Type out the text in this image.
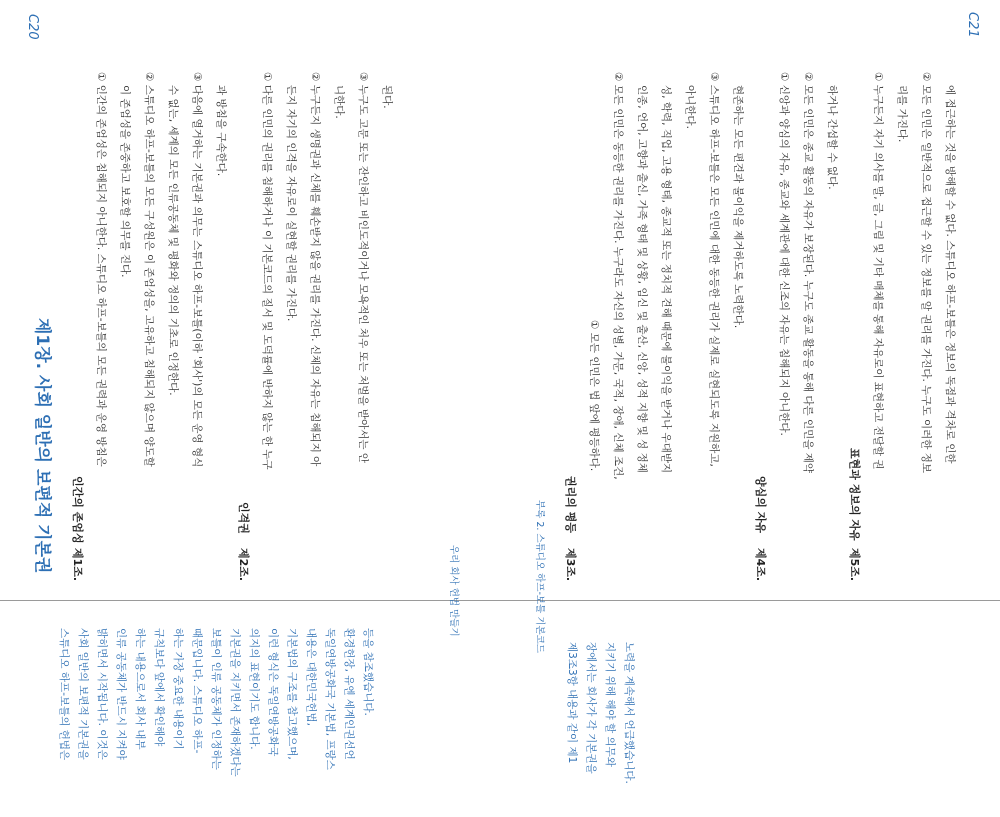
C20	C21
제1장. 사회 일반의 보편적 기본권	제1조.
인간의 존엄성
① 인간의 존엄성은 침해되지 아니한다. 스튜디오 하프-보틀의 모든 권력과 운영 방침은 이 존엄성을 존중하고 보호할 의무를 진다. ② 스튜디오 하프-보틀의 모든 구성원은 이 존엄성을, 고유하고 침해되지 않으며 양도할 수 없는, 세계의 모든 인류공동체 및 평화와 정의의 기초로 인정한다. ③ 다음에 열거하는 기본권과 의무는 스튜디오 하프-보틀(이하 '회사')의 모든 운영 형식 과 방침을 구속한다.
제2조.
인격권
① 다른 인민의 권리를 침해하거나 이 기본코드의 질서 및 도덕률에 반하지 않는 한 누구 든지 자기의 인격을 자유로이 실현할 권리를 가진다. ② 누구든지 생명권과 신체를 훼손받지 않을 권리를 가진다. 신체의 자유는 침해되지 아 니한다. ③ 누구도 고문 또는 잔인하고 비인도적이거나 모욕적인 처우 또는 처벌을 받아서는 안 된다.
우리 회사 헌법 만들기	부록 2. 스튜디오 하프-보틀 기본코드 제3조.
권리의 평등
① 모든 인민은 법 앞에 평등하다. ② 모든 인민은 동등한 권리를 가진다. 누구라도 자신의 성별, 가문, 국적, 장애, 신체 조건, 인종, 언어, 고향과 출신, 가족 형태 및 상황, 임신 및 출산, 신앙, 성적 지향 및 성 정체 성, 학력, 직업, 고용 형태, 종교적 또는 정치적 견해 때문에 불이익을 받거나 우대받지 아니한다. ③ 스튜디오 하프-보틀은 모든 인민에 대한 동등한 권리가 실제로 실현되도록 지원하고, 현존하는 모든 편견과 불이익을 제거하도록 노력한다.
제4조.
양심의 자유
① 신앙과 양심의 자유, 종교와 세계관에 대한 신조의 자유는 침해되지 아니한다. ② 모든 인민은 종교 활동의 자유가 보장된다. 누구도 종교 활동을 통해 다른 인민을 제약 하거나 간섭할 수 없다.
제5조.
표현과 정보의 자유
① 누구든지 자기 의사를 말, 글, 그림 및 기타 매체를 통해 자유로이 표현하고 전달할 권 리를 가진다. ② 모든 인민은 일반적으로 접근할 수 있는 정보를 알 권리를 가진다. 누구도 이러한 정보 에 접근하는 것을 방해할 수 없다. 스튜디오 하프-보틀은 정보의 독점과 격차로 인한
스튜디오 하프-보틀의 헌법은 사회 일반의 보편적 기본권을 밝히면서 시작됩니다. 이것은 인류 공동체가 반드시 지켜야 하는 내용으로서 회사 내부 규칙보다 앞에서 확인해야 하는 가장 중요한 내용이기 때문입니다. 스튜디오 하프- 보틀이 인류 공동체가 인정하는 기본권을 지키면서 존재하겠다는 의지의 표현이기도 합니다. 이런 형식은 독일연방공화국 기본법의 구조를 참고했으며, 내용은 대한민국헌법, 독일연방공화국 기본법, 프랑스 환경헌장, 유엔 세계인권선언 등을 참조했습니다.	제3조3항 내용과 같이 제1 장에서는 회사가 각 기본권을 지키기 위해 해야 할 의무와 노력을 계속해서 언급했습니다.
